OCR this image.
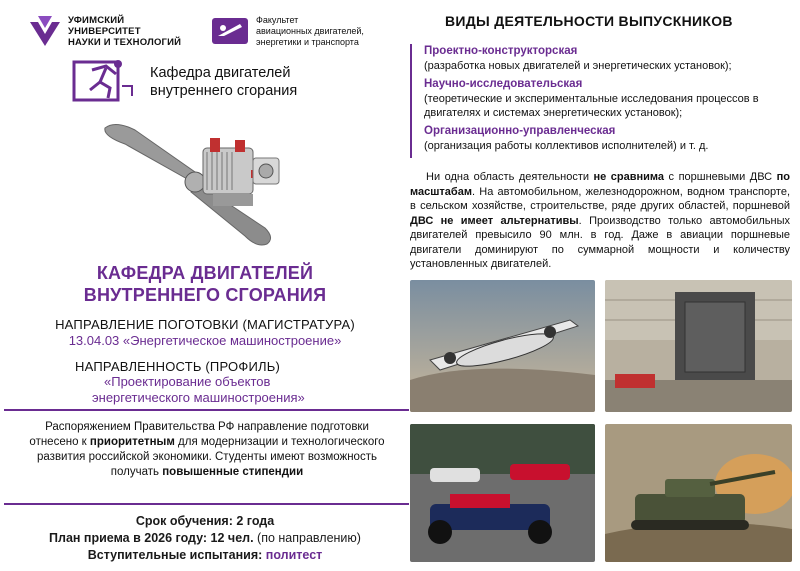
УФИМСКИЙ
УНИВЕРСИТЕТ
НАУКИ И ТЕХНОЛОГИЙ
Факультет
авиационных двигателей,
энергетики и транспорта
Кафедра двигателей
внутреннего сгорания
КАФЕДРА ДВИГАТЕЛЕЙ
ВНУТРЕННЕГО СГОРАНИЯ
НАПРАВЛЕНИЕ ПОГОТОВКИ (МАГИСТРАТУРА)
13.04.03 «Энергетическое машиностроение»
НАПРАВЛЕННОСТЬ (ПРОФИЛЬ)
«Проектирование объектов
энергетического машиностроения»
Распоряжением Правительства РФ направление подготовки отнесено к приоритетным для модернизации и технологического развития российской экономики. Студенты имеют возможность получать повышенные стипендии
Срок обучения: 2 года
План приема в 2026 году: 12 чел. (по направлению)
Вступительные испытания: политест
ВИДЫ ДЕЯТЕЛЬНОСТИ ВЫПУСКНИКОВ
Проектно-конструкторская
(разработка новых двигателей и энергетических установок);
Научно-исследовательская
(теоретические и экспериментальные исследования процессов в двигателях и системах энергетических установок);
Организационно-управленческая
(организация работы коллективов исполнителей) и т. д.
Ни одна область деятельности не сравнима с поршневыми ДВС по масштабам. На автомобильном, железнодорожном, водном транспорте, в сельском хозяйстве, строительстве, ряде других областей, поршневой ДВС не имеет альтернативы. Производство только автомобильных двигателей превысило 90 млн. в год. Даже в авиации поршневые двигатели доминируют по суммарной мощности и количеству установленных двигателей.
